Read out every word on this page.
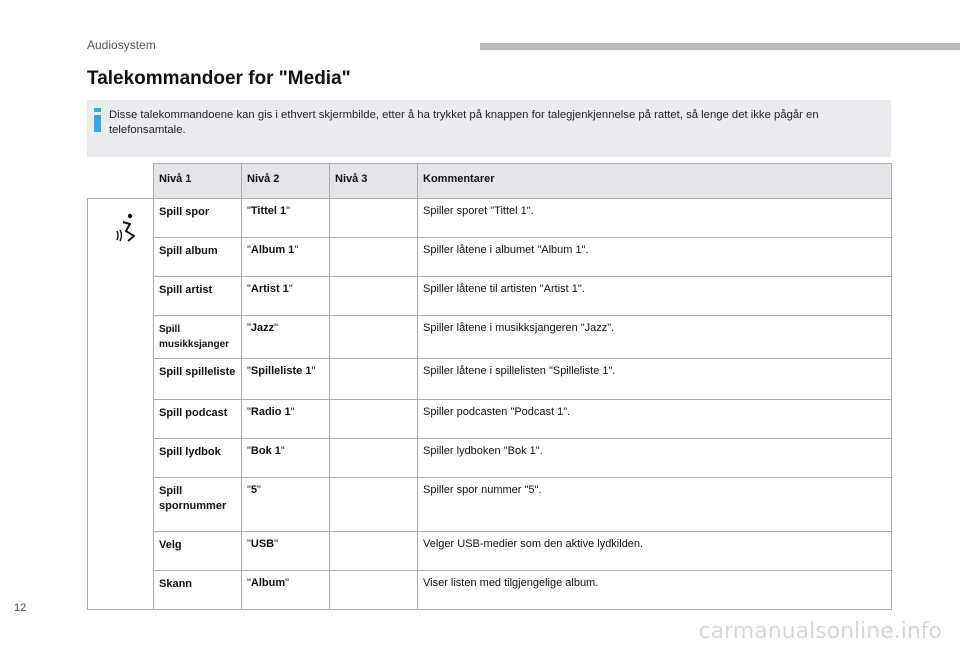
Audiosystem
Talekommandoer for "Media"
Disse talekommandoene kan gis i ethvert skjermbilde, etter å ha trykket på knappen for talegjenkjennelse på rattet, så lenge det ikke pågår en telefonsamtale.
	Nivå 1	Nivå 2	Nivå 3	Kommentarer

	Spill spor	"Tittel 1"		Spiller sporet "Tittel 1".
	Spill album	"Album 1"		Spiller låtene i albumet "Album 1".
	Spill artist	"Artist 1"		Spiller låtene til artisten "Artist 1".
	Spill musikksjanger	"Jazz"		Spiller låtene i musikksjangeren "Jazz".
	Spill spilleliste	"Spilleliste 1"		Spiller låtene i spillelisten "Spilleliste 1".
	Spill podcast	"Radio 1"		Spiller podcasten "Podcast 1".
	Spill lydbok	"Bok 1"		Spiller lydboken "Bok 1".
	Spill spornummer	"5"		Spiller spor nummer "5".
	Velg	"USB"		Velger USB-medier som den aktive lydkilden.
	Skann	"Album"		Viser listen med tilgjengelige album.
12
carmanualsonline.info
